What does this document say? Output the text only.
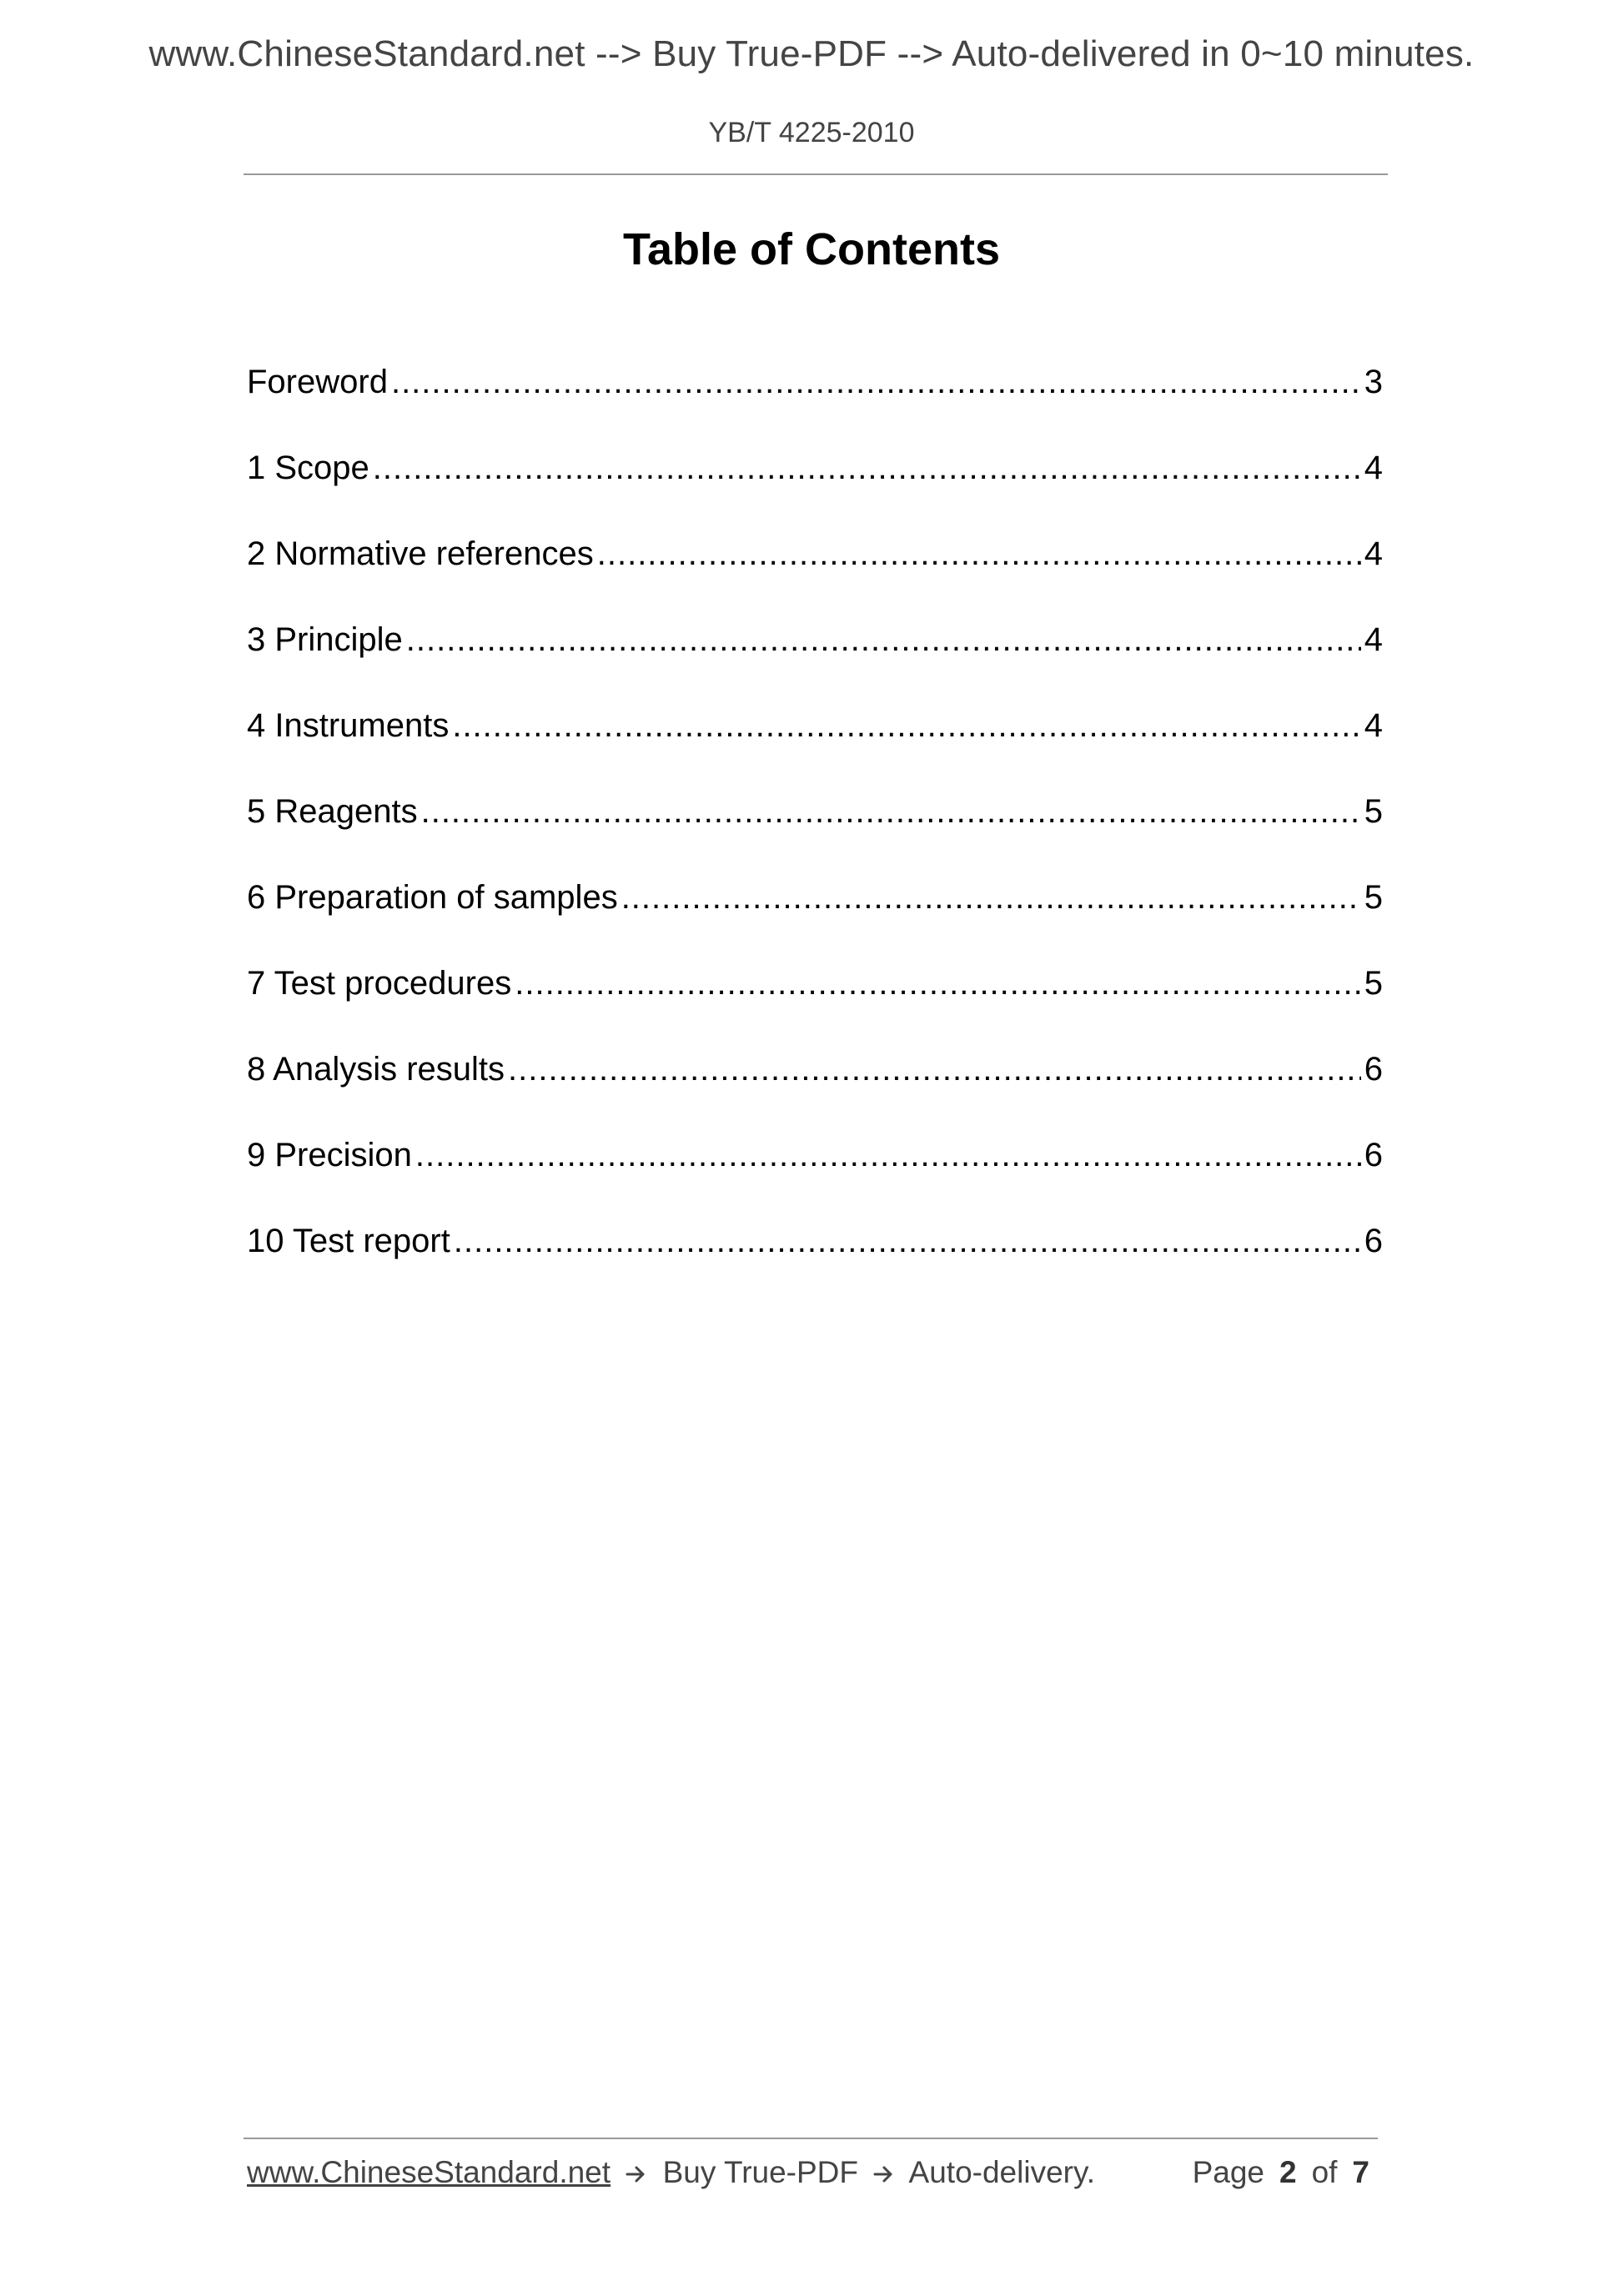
www.ChineseStandard.net --> Buy True-PDF --> Auto-delivered in 0~10 minutes.
YB/T 4225-2010
Table of Contents
Foreword .....	3
1 Scope .....	4
2 Normative references .....	4
3 Principle .....	4
4 Instruments .....	4
5 Reagents .....	5
6 Preparation of samples .....	5
7 Test procedures .....	5
8 Analysis results .....	6
9 Precision .....	6
10 Test report .....	6
www.ChineseStandard.net Buy True-PDF Auto-delivery.	Page 2 of 7
